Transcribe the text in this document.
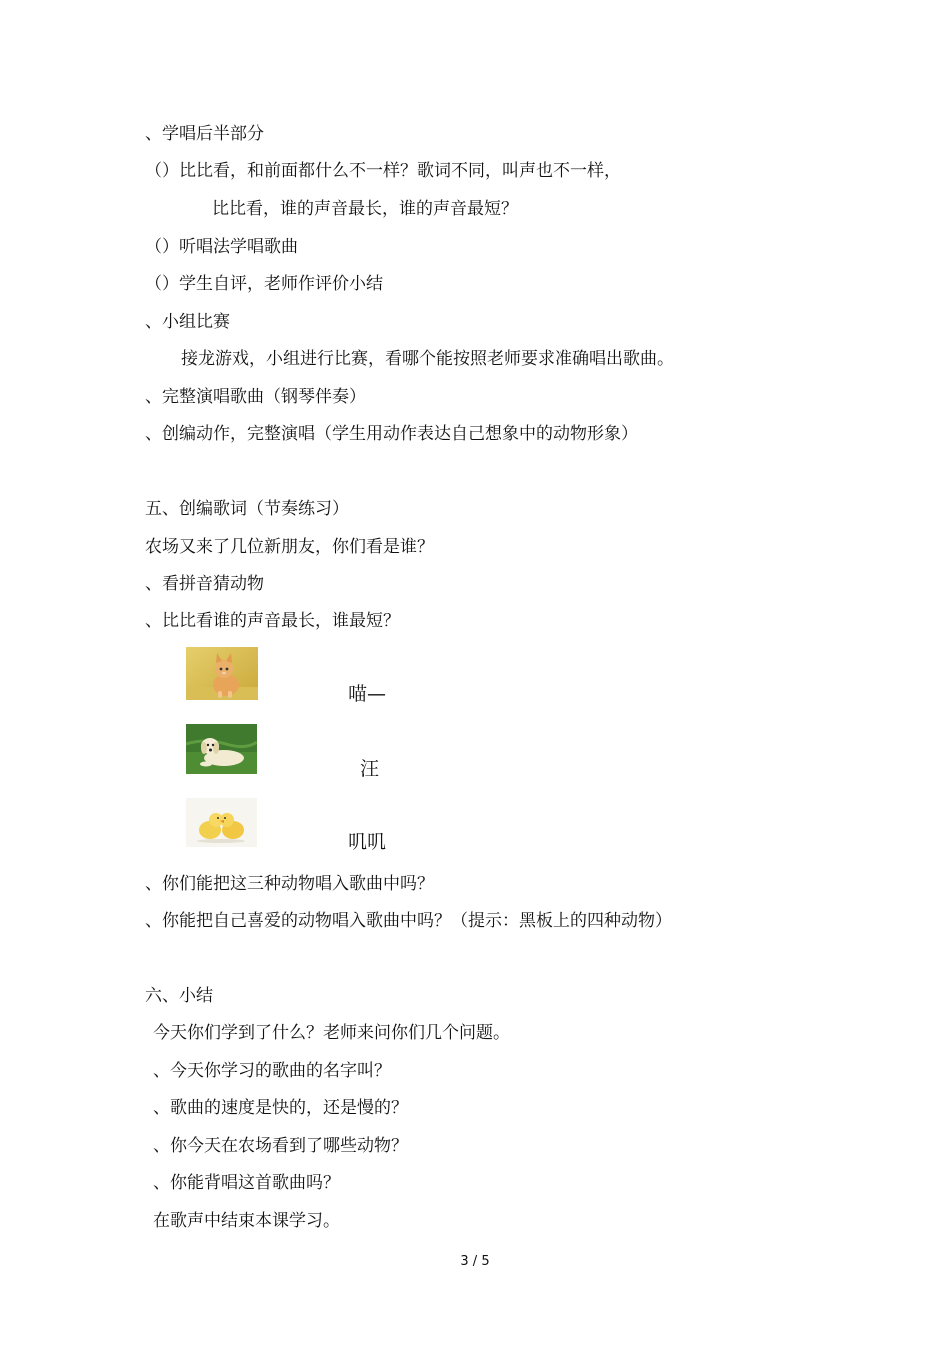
、学唱后半部分
（）比比看，和前面都什么不一样？歌词不同，叫声也不一样，
比比看，谁的声音最长，谁的声音最短？
（）听唱法学唱歌曲
（）学生自评，老师作评价小结
、小组比赛
接龙游戏，小组进行比赛，看哪个能按照老师要求准确唱出歌曲。
、完整演唱歌曲（钢琴伴奏）
、创编动作，完整演唱（学生用动作表达自己想象中的动物形象）
五、创编歌词（节奏练习）
农场又来了几位新朋友，你们看是谁？
、看拼音猜动物
、比比看谁的声音最长，谁最短？
喵—
汪
叽叽
、你们能把这三种动物唱入歌曲中吗？
、你能把自己喜爱的动物唱入歌曲中吗？（提示：黑板上的四种动物）
六、小结
今天你们学到了什么？老师来问你们几个问题。
、今天你学习的歌曲的名字叫？
、歌曲的速度是快的，还是慢的？
、你今天在农场看到了哪些动物？
、你能背唱这首歌曲吗？
在歌声中结束本课学习。
3 / 5
